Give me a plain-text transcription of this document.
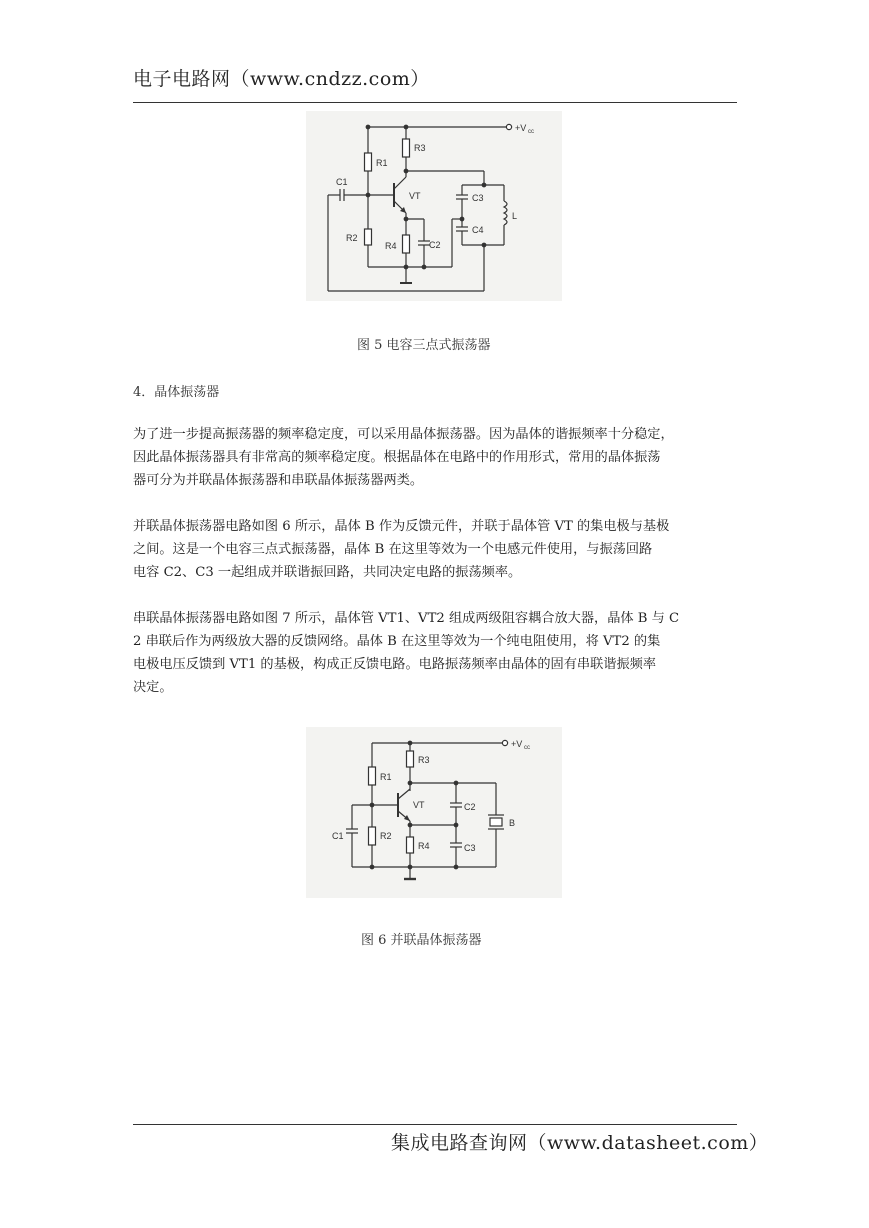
电子电路网（www.cndzz.com）
+V cc
R1
R3
VT
C1
R2
R4	C2
C3
C4
L
图 5 电容三点式振荡器
4．晶体振荡器

为了进一步提高振荡器的频率稳定度，可以采用晶体振荡器。因为晶体的谐振频率十分稳定，
因此晶体振荡器具有非常高的频率稳定度。根据晶体在电路中的作用形式，常用的晶体振荡
器可分为并联晶体振荡器和串联晶体振荡器两类。

并联晶体振荡器电路如图 6 所示，晶体 B 作为反馈元件，并联于晶体管 VT 的集电极与基极
之间。这是一个电容三点式振荡器，晶体 B 在这里等效为一个电感元件使用，与振荡回路
电容 C2、C3 一起组成并联谐振回路，共同决定电路的振荡频率。

串联晶体振荡器电路如图 7 所示，晶体管 VT1、VT2 组成两级阻容耦合放大器，晶体 B 与 C
2 串联后作为两级放大器的反馈网络。晶体 B 在这里等效为一个纯电阻使用，将 VT2 的集
电极电压反馈到 VT1 的基极，构成正反馈电路。电路振荡频率由晶体的固有串联谐振频率
决定。

+V cc
R1
R3
VT
C1	R2
R4
C2
C3
B
图 6 并联晶体振荡器
集成电路查询网（www.datasheet.com）
